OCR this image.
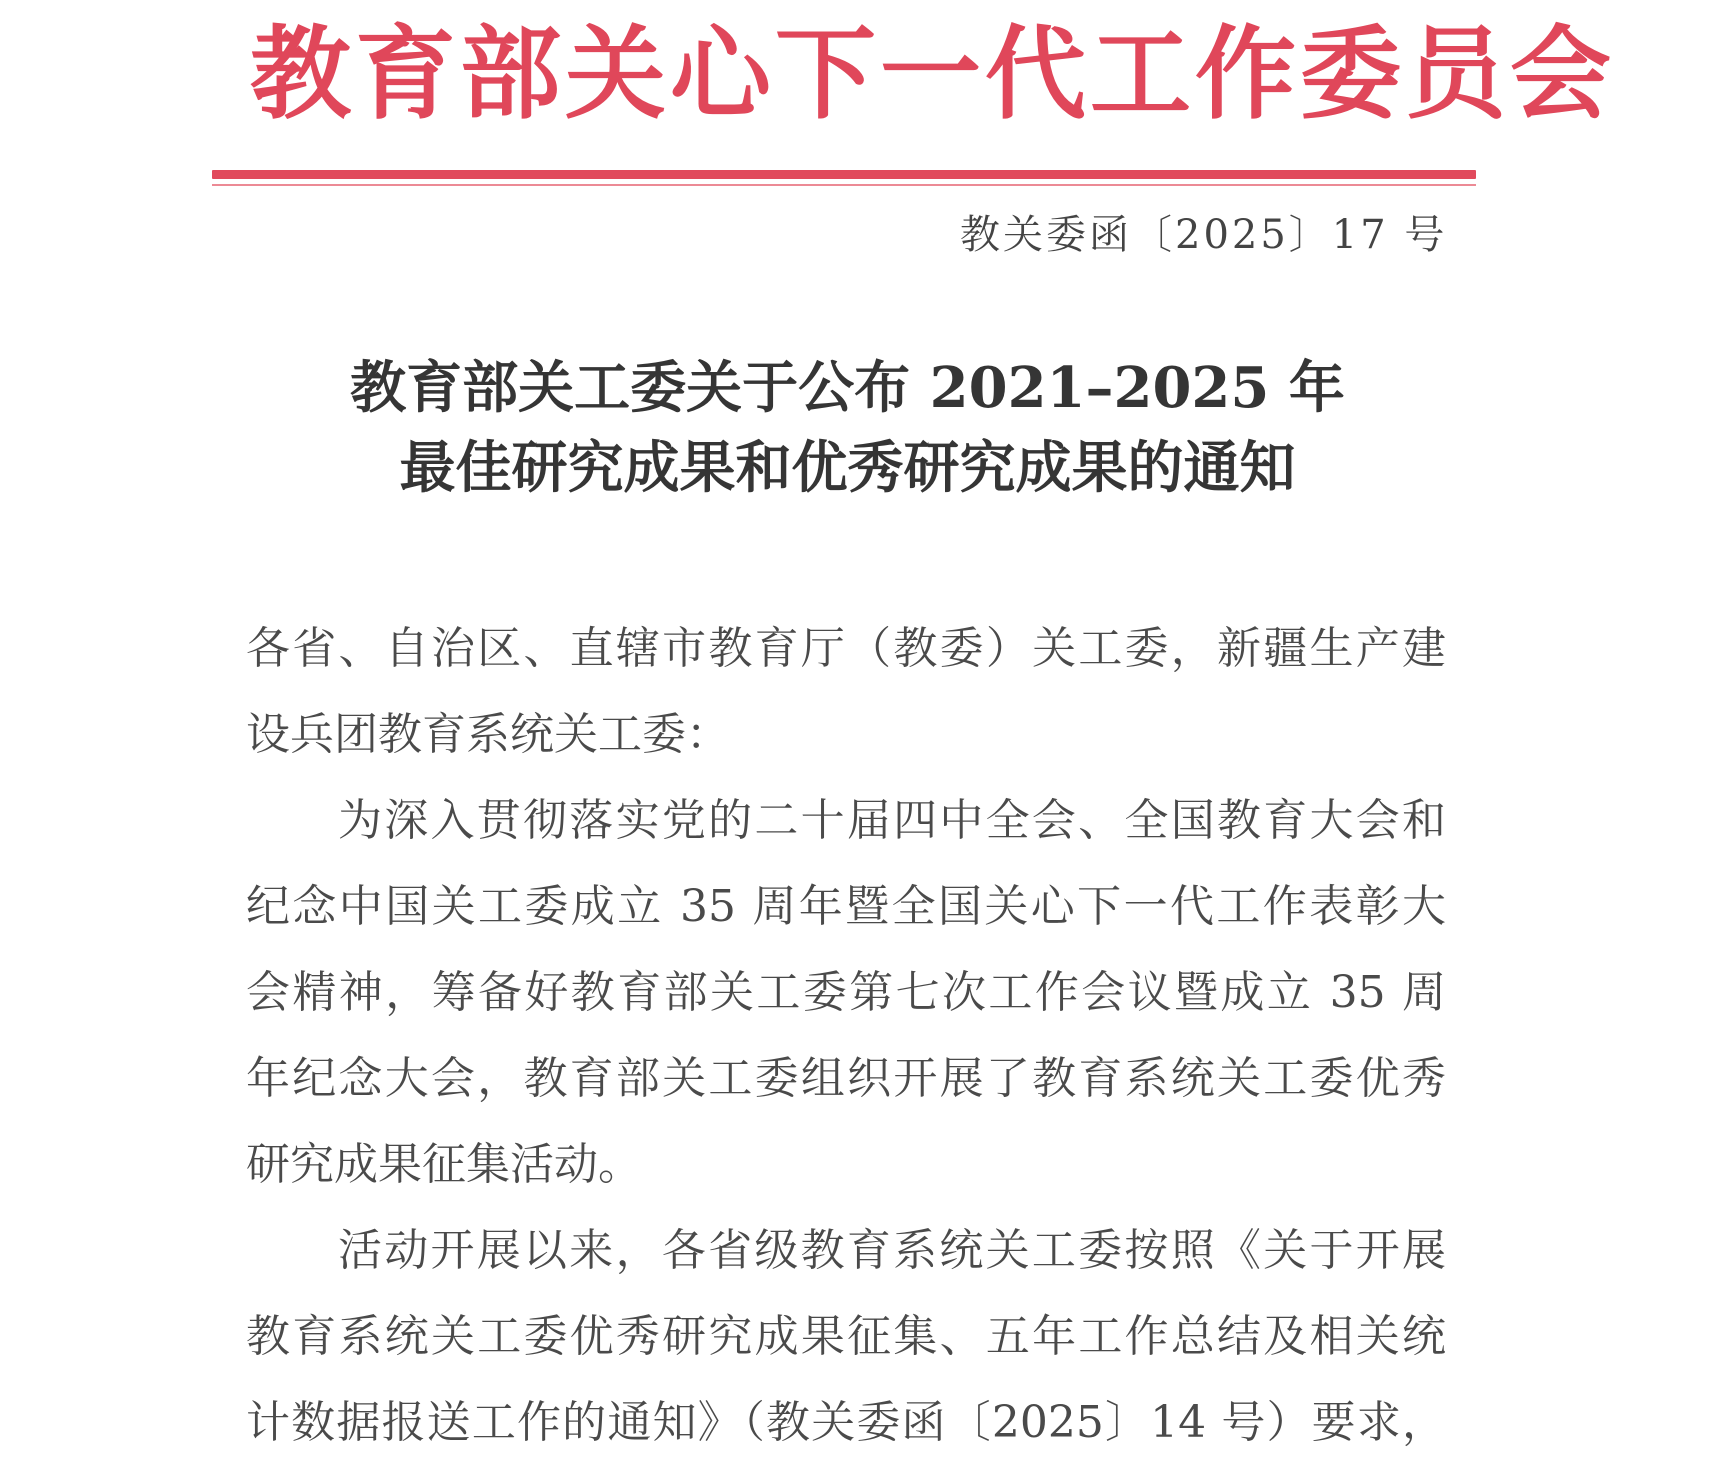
教育部关心下一代工作委员会
教关委函〔2025〕17 号
教育部关工委关于公布 2021–2025 年
最佳研究成果和优秀研究成果的通知
各省、自治区、直辖市教育厅（教委）关工委，新疆生产建
设兵团教育系统关工委：
为深入贯彻落实党的二十届四中全会、全国教育大会和
纪念中国关工委成立 35 周年暨全国关心下一代工作表彰大
会精神，筹备好教育部关工委第七次工作会议暨成立 35 周
年纪念大会，教育部关工委组织开展了教育系统关工委优秀
研究成果征集活动。
活动开展以来，各省级教育系统关工委按照《关于开展
教育系统关工委优秀研究成果征集、五年工作总结及相关统
计数据报送工作的通知》（教关委函〔2025〕14 号）要求，
